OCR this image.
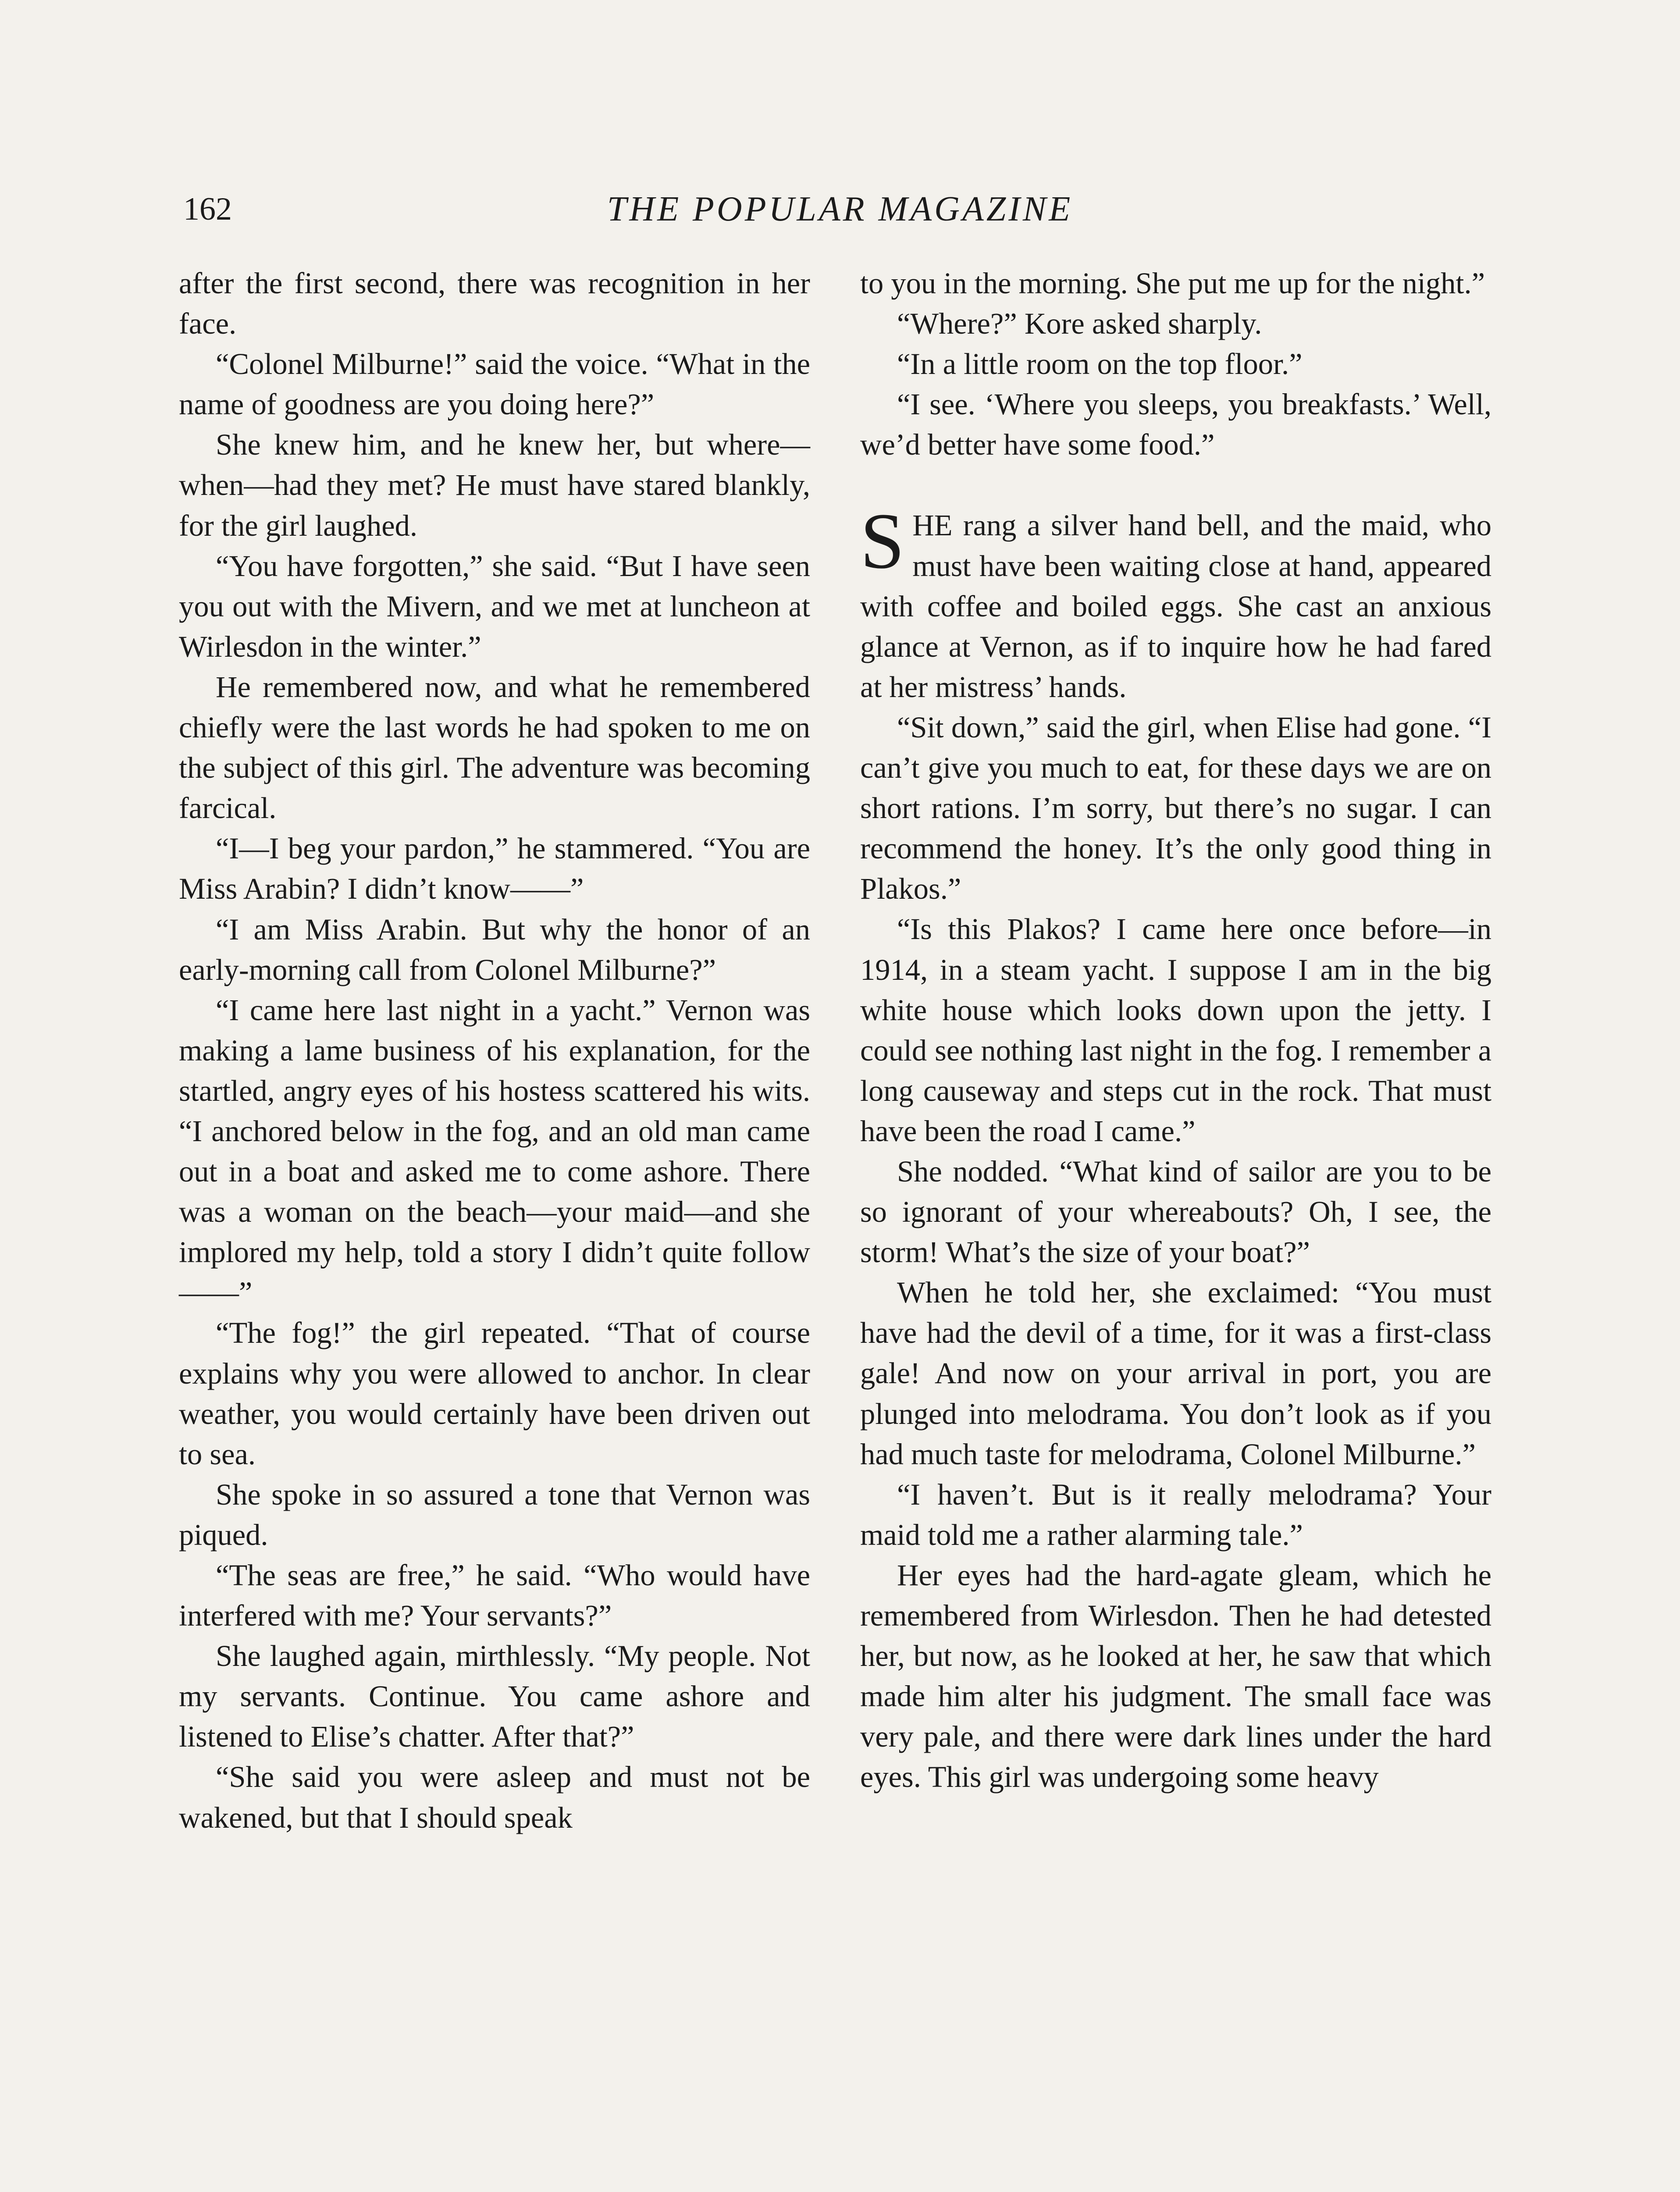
162	THE POPULAR MAGAZINE

after the first second, there was recognition in her face.

“Colonel Milburne!” said the voice. “What in the name of goodness are you doing here?”

She knew him, and he knew her, but where—when—had they met? He must have stared blankly, for the girl laughed.

“You have forgotten,” she said. “But I have seen you out with the Mivern, and we met at luncheon at Wirlesdon in the winter.”

He remembered now, and what he remembered chiefly were the last words he had spoken to me on the subject of this girl. The adventure was becoming farcical.

“I—I beg your pardon,” he stammered. “You are Miss Arabin? I didn’t know——”

“I am Miss Arabin. But why the honor of an early-morning call from Colonel Milburne?”

“I came here last night in a yacht.” Vernon was making a lame business of his explanation, for the startled, angry eyes of his hostess scattered his wits. “I anchored below in the fog, and an old man came out in a boat and asked me to come ashore. There was a woman on the beach—your maid—and she implored my help, told a story I didn’t quite follow——”

“The fog!” the girl repeated. “That of course explains why you were allowed to anchor. In clear weather, you would certainly have been driven out to sea.

She spoke in so assured a tone that Vernon was piqued.

“The seas are free,” he said. “Who would have interfered with me? Your servants?”

She laughed again, mirthlessly. “My people. Not my servants. Continue. You came ashore and listened to Elise’s chatter. After that?”

“She said you were asleep and must not be wakened, but that I should speak

to you in the morning. She put me up for the night.”

“Where?” Kore asked sharply.

“In a little room on the top floor.”

“I see. ‘Where you sleeps, you breakfasts.’ Well, we’d better have some food.”

SHE rang a silver hand bell, and the maid, who must have been waiting close at hand, appeared with coffee and boiled eggs. She cast an anxious glance at Vernon, as if to inquire how he had fared at her mistress’ hands.

“Sit down,” said the girl, when Elise had gone. “I can’t give you much to eat, for these days we are on short rations. I’m sorry, but there’s no sugar. I can recommend the honey. It’s the only good thing in Plakos.”

“Is this Plakos? I came here once before—in 1914, in a steam yacht. I suppose I am in the big white house which looks down upon the jetty. I could see nothing last night in the fog. I remember a long causeway and steps cut in the rock. That must have been the road I came.”

She nodded. “What kind of sailor are you to be so ignorant of your whereabouts? Oh, I see, the storm! What’s the size of your boat?”

When he told her, she exclaimed: “You must have had the devil of a time, for it was a first-class gale! And now on your arrival in port, you are plunged into melodrama. You don’t look as if you had much taste for melodrama, Colonel Milburne.”

“I haven’t. But is it really melodrama? Your maid told me a rather alarming tale.”

Her eyes had the hard-agate gleam, which he remembered from Wirlesdon. Then he had detested her, but now, as he looked at her, he saw that which made him alter his judgment. The small face was very pale, and there were dark lines under the hard eyes. This girl was undergoing some heavy
